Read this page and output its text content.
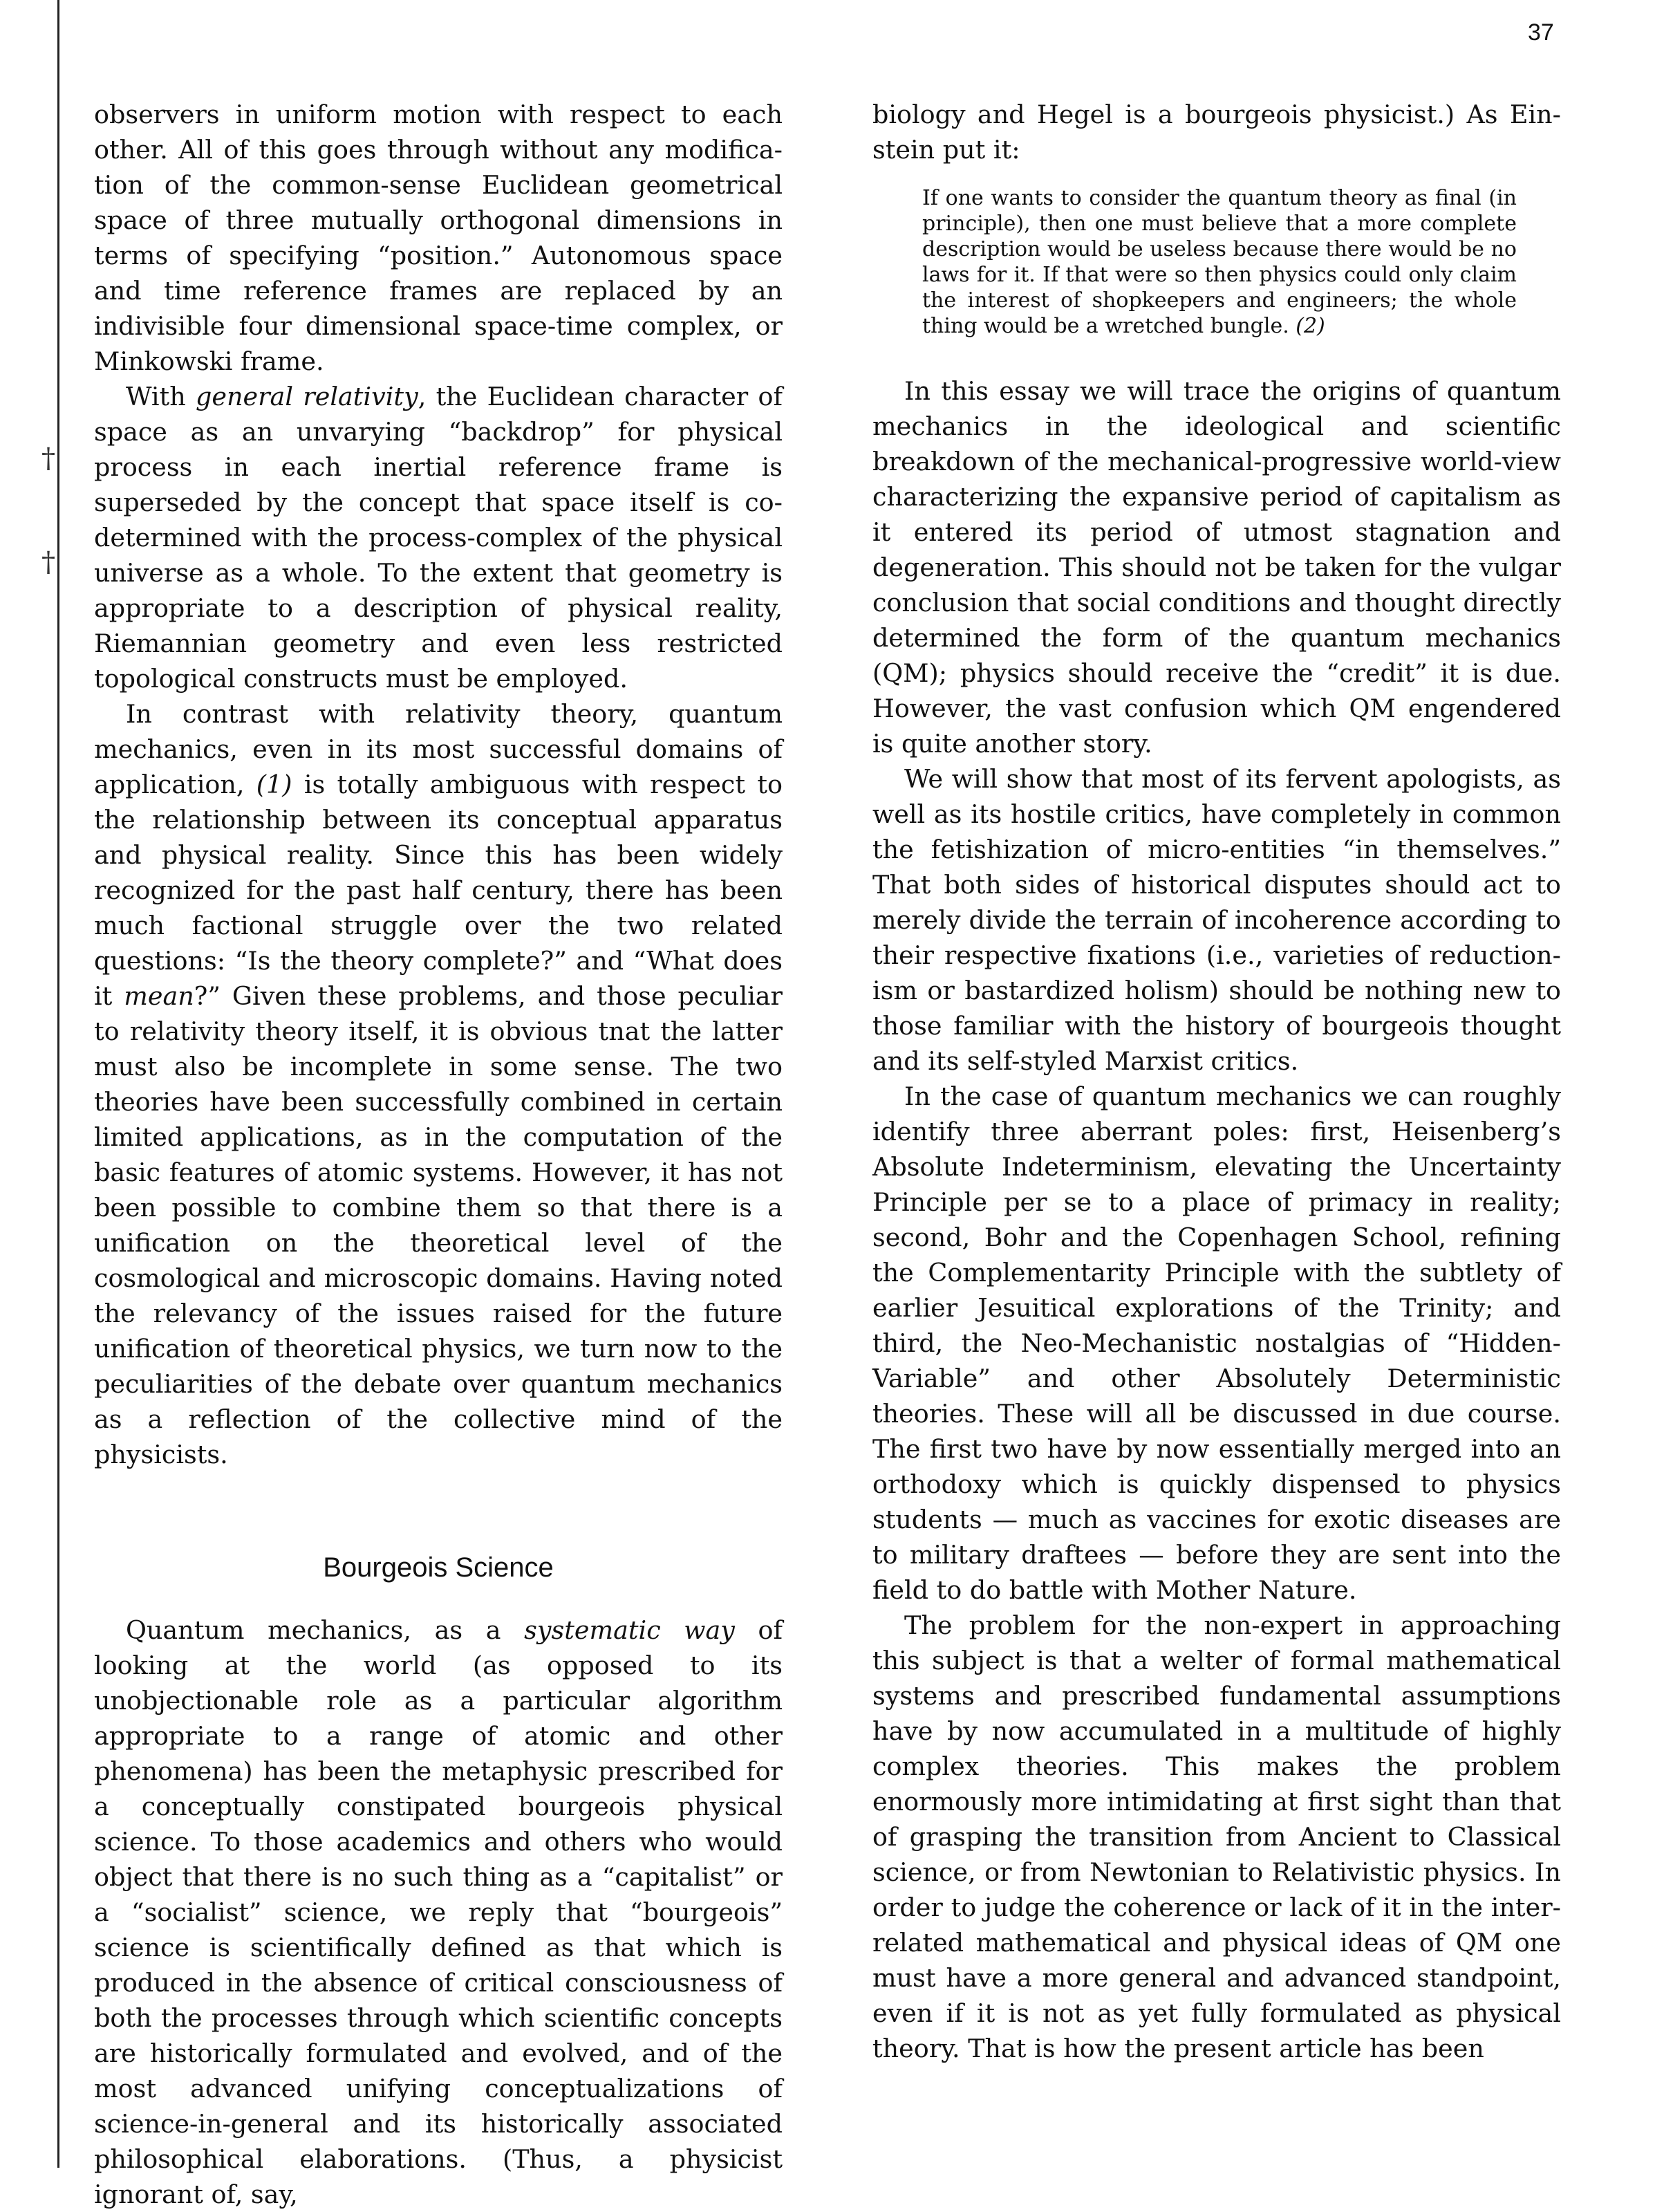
†
†
37

observers in uniform motion with respect to each other. All of this goes through without any modification of the common-sense Euclidean geometrical space of three mutually orthogonal dimensions in terms of specifying “position.” Autonomous space and time reference frames are replaced by an indivisible four dimensional space-time complex, or Minkowski frame.

With general relativity, the Euclidean character of space as an unvarying “backdrop” for physical process in each inertial reference frame is superseded by the concept that space itself is co-determined with the process-complex of the physical universe as a whole. To the extent that geometry is appropriate to a description of physical reality, Riemannian geometry and even less restricted topological constructs must be employed.

In contrast with relativity theory, quantum mechanics, even in its most successful domains of application, (1) is totally ambiguous with respect to the relationship between its conceptual apparatus and physical reality. Since this has been widely recognized for the past half century, there has been much factional struggle over the two related questions: “Is the theory complete?” and “What does it mean?” Given these problems, and those peculiar to relativity theory itself, it is obvious tnat the latter must also be incomplete in some sense. The two theories have been successfully combined in certain limited applications, as in the computation of the basic features of atomic systems. However, it has not been possible to combine them so that there is a unification on the theoretical level of the cosmological and microscopic domains. Having noted the relevancy of the issues raised for the future unification of theoretical physics, we turn now to the peculiarities of the debate over quantum mechanics as a reflection of the collective mind of the physicists.

Bourgeois Science

Quantum mechanics, as a systematic way of looking at the world (as opposed to its unobjectionable role as a particular algorithm appropriate to a range of atomic and other phenomena) has been the metaphysic prescribed for a conceptually constipated bourgeois physical science. To those academics and others who would object that there is no such thing as a “capitalist” or a “socialist” science, we reply that “bourgeois” science is scientifically defined as that which is produced in the absence of critical consciousness of both the processes through which scientific concepts are historically formulated and evolved, and of the most advanced unifying conceptualizations of science-in-general and its historically associated philosophical elaborations. (Thus, a physicist ignorant of, say,

biology and Hegel is a bourgeois physicist.) As Einstein put it:

If one wants to consider the quantum theory as final (in principle), then one must believe that a more complete description would be useless because there would be no laws for it. If that were so then physics could only claim the interest of shopkeepers and engineers; the whole thing would be a wretched bungle. (2)

In this essay we will trace the origins of quantum mechanics in the ideological and scientific breakdown of the mechanical-progressive world-view characterizing the expansive period of capitalism as it entered its period of utmost stagnation and degeneration. This should not be taken for the vulgar conclusion that social conditions and thought directly determined the form of the quantum mechanics (QM); physics should receive the “credit” it is due. However, the vast confusion which QM engendered is quite another story.

We will show that most of its fervent apologists, as well as its hostile critics, have completely in common the fetishization of micro-entities “in themselves.” That both sides of historical disputes should act to merely divide the terrain of incoherence according to their respective fixations (i.e., varieties of reductionism or bastardized holism) should be nothing new to those familiar with the history of bourgeois thought and its self-styled Marxist critics.

In the case of quantum mechanics we can roughly identify three aberrant poles: first, Heisenberg’s Absolute Indeterminism, elevating the Uncertainty Principle per se to a place of primacy in reality; second, Bohr and the Copenhagen School, refining the Complementarity Principle with the subtlety of earlier Jesuitical explorations of the Trinity; and third, the Neo-Mechanistic nostalgias of “Hidden-Variable” and other Absolutely Deterministic theories. These will all be discussed in due course. The first two have by now essentially merged into an orthodoxy which is quickly dispensed to physics students — much as vaccines for exotic diseases are to military draftees — before they are sent into the field to do battle with Mother Nature.

The problem for the non-expert in approaching this subject is that a welter of formal mathematical systems and prescribed fundamental assumptions have by now accumulated in a multitude of highly complex theories. This makes the problem enormously more intimidating at first sight than that of grasping the transition from Ancient to Classical science, or from Newtonian to Relativistic physics. In order to judge the coherence or lack of it in the interrelated mathematical and physical ideas of QM one must have a more general and advanced standpoint, even if it is not as yet fully formulated as physical theory. That is how the present article has been
